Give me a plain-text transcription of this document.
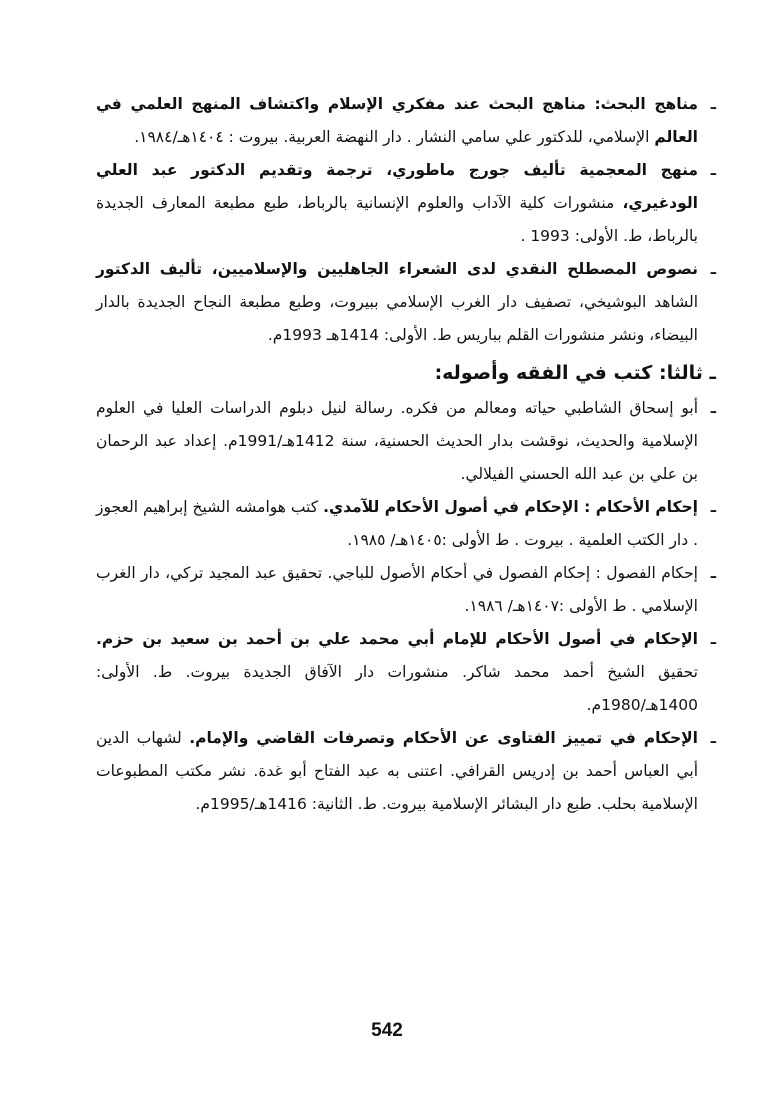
ـ
مناهج البحث: مناهج البحث عند مفكري الإسلام واكتشاف المنهج العلمي في العالم الإسلامي، للدكتور علي سامي النشار . دار النهضة العربية. بيروت : ١٤٠٤هـ/١٩٨٤.
ـ
منهج المعجمية تأليف جورج ماطوري، ترجمة وتقديم الدكتور عبد العلي الودغيري، منشورات كلية الآداب والعلوم الإنسانية بالرباط، طبع مطبعة المعارف الجديدة بالرباط، ط. الأولى: 1993 .
ـ
نصوص المصطلح النقدي لدى الشعراء الجاهليين والإسلاميين، تأليف الدكتور الشاهد البوشيخي، تصفيف دار الغرب الإسلامي ببيروت، وطبع مطبعة النجاح الجديدة بالدار البيضاء، ونشر منشورات القلم بباريس ط. الأولى: 1414هـ 1993م.
ـ ثالثا: كتب في الفقه وأصوله:
ـ
أبو إسحاق الشاطبي حياته ومعالم من فكره. رسالة لنيل دبلوم الدراسات العليا في العلوم الإسلامية والحديث، نوقشت بدار الحديث الحسنية، سنة 1412هـ/1991م. إعداد عبد الرحمان بن علي بن عبد الله الحسني الفيلالي.
ـ
إحكام الأحكام : الإحكام في أصول الأحكام للآمدي. كتب هوامشه الشيخ إبراهيم العجوز . دار الكتب العلمية . بيروت . ط الأولى :١٤٠٥هـ/ ١٩٨٥.
ـ
إحكام الفصول : إحكام الفصول في أحكام الأصول للباجي. تحقيق عبد المجيد تركي، دار الغرب الإسلامي . ط الأولى :١٤٠٧هـ/ ١٩٨٦.
ـ
الإحكام في أصول الأحكام للإمام أبي محمد علي بن أحمد بن سعيد بن حزم. تحقيق الشيخ أحمد محمد شاكر. منشورات دار الآفاق الجديدة بيروت. ط. الأولى: 1400هـ/1980م.
ـ
الإحكام في تمييز الفتاوى عن الأحكام وتصرفات القاضي والإمام. لشهاب الدين أبي العباس أحمد بن إدريس القرافي. اعتنى به عبد الفتاح أبو غدة. نشر مكتب المطبوعات الإسلامية بحلب. طبع دار البشائر الإسلامية بيروت. ط. الثانية: 1416هـ/1995م.
542
